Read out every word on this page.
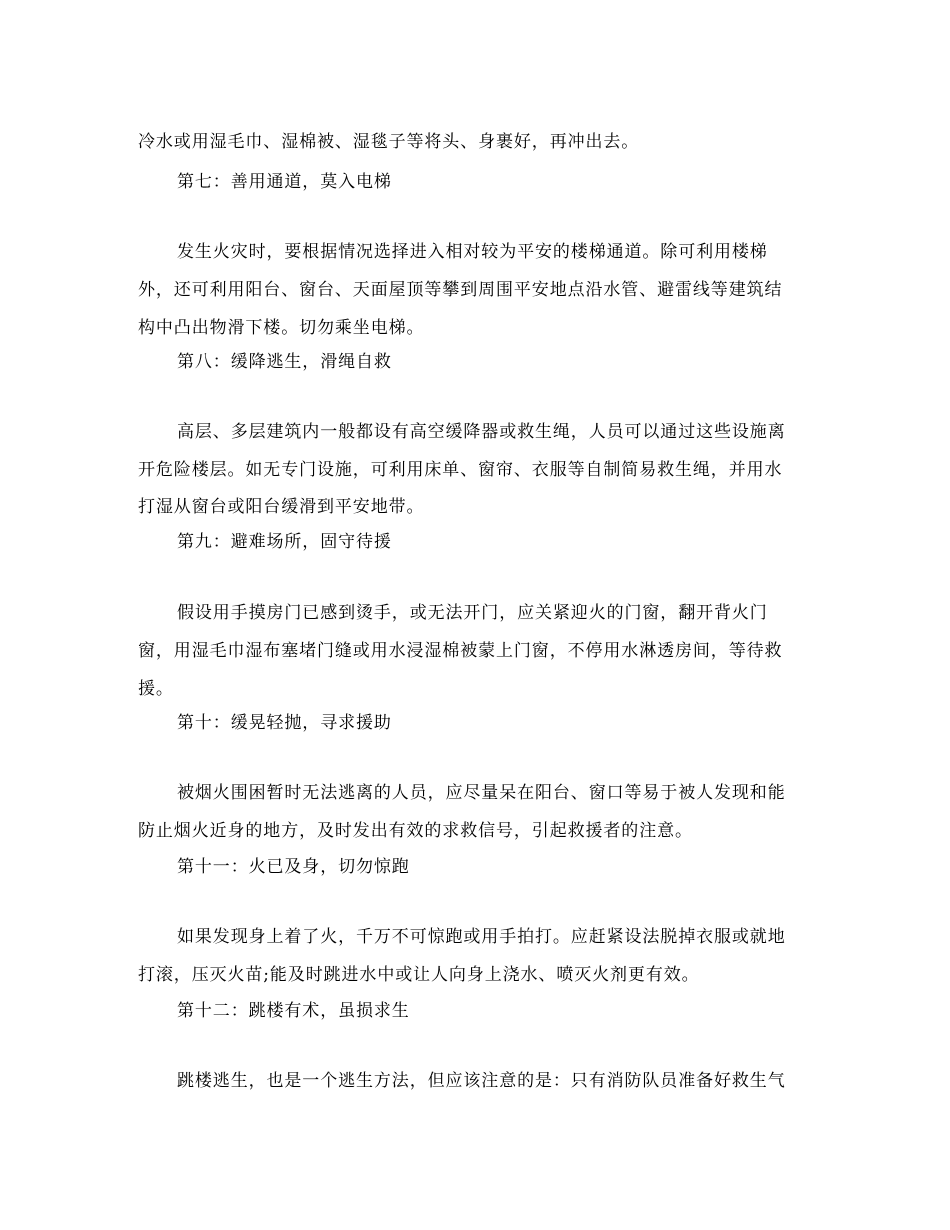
冷水或用湿毛巾、湿棉被、湿毯子等将头、身裹好，再冲出去。
第七：善用通道，莫入电梯
发生火灾时，要根据情况选择进入相对较为平安的楼梯通道。除可利用楼梯
外，还可利用阳台、窗台、天面屋顶等攀到周围平安地点沿水管、避雷线等建筑结
构中凸出物滑下楼。切勿乘坐电梯。
第八：缓降逃生，滑绳自救
高层、多层建筑内一般都设有高空缓降器或救生绳，人员可以通过这些设施离
开危险楼层。如无专门设施，可利用床单、窗帘、衣服等自制简易救生绳，并用水
打湿从窗台或阳台缓滑到平安地带。
第九：避难场所，固守待援
假设用手摸房门已感到烫手，或无法开门，应关紧迎火的门窗，翻开背火门
窗，用湿毛巾湿布塞堵门缝或用水浸湿棉被蒙上门窗，不停用水淋透房间，等待救
援。
第十：缓晃轻抛，寻求援助
被烟火围困暂时无法逃离的人员，应尽量呆在阳台、窗口等易于被人发现和能
防止烟火近身的地方，及时发出有效的求救信号，引起救援者的注意。
第十一：火已及身，切勿惊跑
如果发现身上着了火，千万不可惊跑或用手拍打。应赶紧设法脱掉衣服或就地
打滚，压灭火苗;能及时跳进水中或让人向身上浇水、喷灭火剂更有效。
第十二：跳楼有术，虽损求生
跳楼逃生，也是一个逃生方法，但应该注意的是：只有消防队员准备好救生气
